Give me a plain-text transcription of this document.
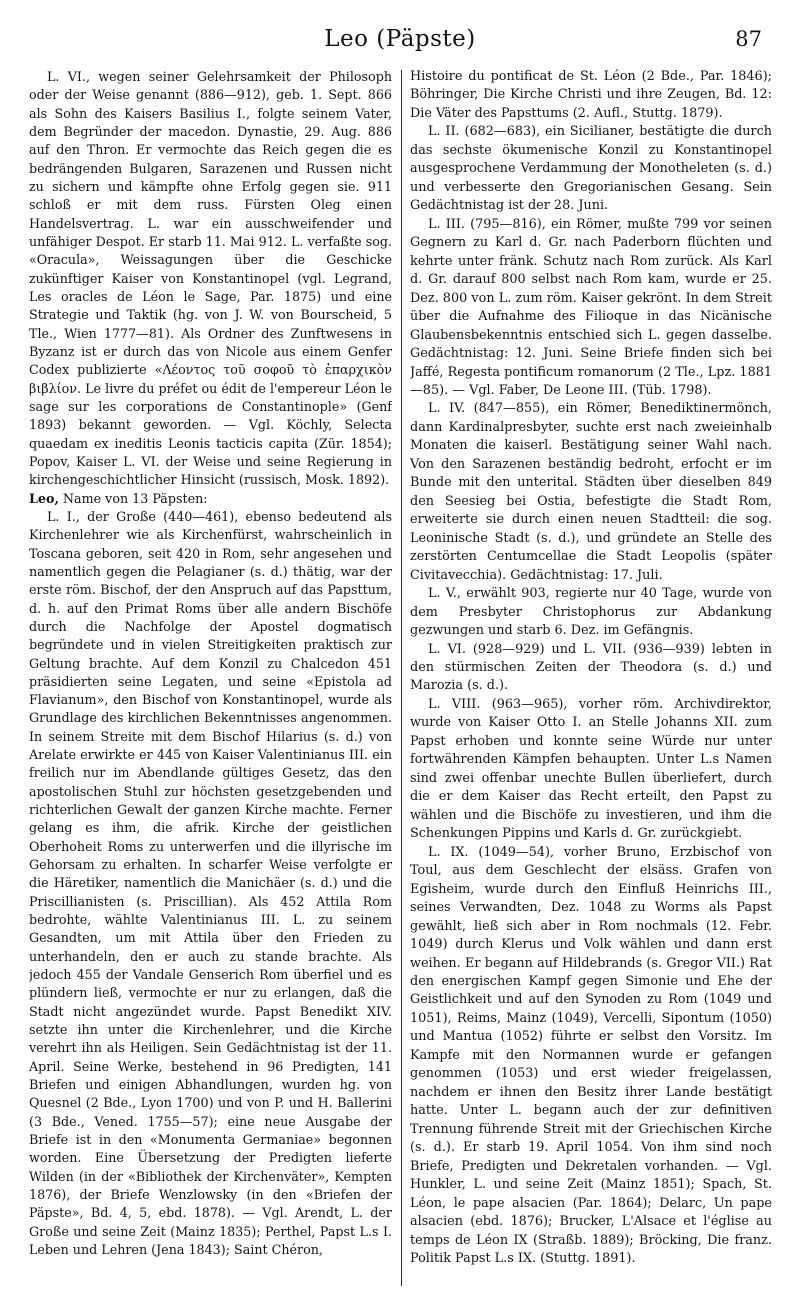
Leo (Päpste)	87

L. VI., wegen seiner Gelehrsamkeit der Philosoph oder der Weise genannt (886—912), geb. 1. Sept. 866 als Sohn des Kaisers Basilius I., folgte seinem Vater, dem Begründer der macedon. Dynastie, 29. Aug. 886 auf den Thron. Er vermochte das Reich gegen die es bedrängenden Bulgaren, Sarazenen und Russen nicht zu sichern und kämpfte ohne Erfolg gegen sie. 911 schloß er mit dem russ. Fürsten Oleg einen Handelsvertrag. L. war ein ausschweifender und unfähiger Despot. Er starb 11. Mai 912. L. verfaßte sog. «Oracula», Weissagungen über die Geschicke zukünftiger Kaiser von Konstantinopel (vgl. Legrand, Les oracles de Léon le Sage, Par. 1875) und eine Strategie und Taktik (hg. von J. W. von Bourscheid, 5 Tle., Wien 1777—81). Als Ordner des Zunftwesens in Byzanz ist er durch das von Nicole aus einem Genfer Codex publizierte «Λέοντος τοῦ σοφοῦ τὸ ἐπαρχικὸν βιβλίον. Le livre du préfet ou édit de l'empereur Léon le sage sur les corporations de Constantinople» (Genf 1893) bekannt geworden. — Vgl. Köchly, Selecta quaedam ex ineditis Leonis tacticis capita (Zür. 1854); Popov, Kaiser L. VI. der Weise und seine Regierung in kirchengeschichtlicher Hinsicht (russisch, Mosk. 1892).

Leo, Name von 13 Päpsten:

L. I., der Große (440—461), ebenso bedeutend als Kirchenlehrer wie als Kirchenfürst, wahrscheinlich in Toscana geboren, seit 420 in Rom, sehr angesehen und namentlich gegen die Pelagianer (s. d.) thätig, war der erste röm. Bischof, der den Anspruch auf das Papsttum, d. h. auf den Primat Roms über alle andern Bischöfe durch die Nachfolge der Apostel dogmatisch begründete und in vielen Streitigkeiten praktisch zur Geltung brachte. Auf dem Konzil zu Chalcedon 451 präsidierten seine Legaten, und seine «Epistola ad Flavianum», den Bischof von Konstantinopel, wurde als Grundlage des kirchlichen Bekenntnisses angenommen. In seinem Streite mit dem Bischof Hilarius (s. d.) von Arelate erwirkte er 445 von Kaiser Valentinianus III. ein freilich nur im Abendlande gültiges Gesetz, das den apostolischen Stuhl zur höchsten gesetzgebenden und richterlichen Gewalt der ganzen Kirche machte. Ferner gelang es ihm, die afrik. Kirche der geistlichen Oberhoheit Roms zu unterwerfen und die illyrische im Gehorsam zu erhalten. In scharfer Weise verfolgte er die Häretiker, namentlich die Manichäer (s. d.) und die Priscillianisten (s. Priscillian). Als 452 Attila Rom bedrohte, wählte Valentinianus III. L. zu seinem Gesandten, um mit Attila über den Frieden zu unterhandeln, den er auch zu stande brachte. Als jedoch 455 der Vandale Genserich Rom überfiel und es plündern ließ, vermochte er nur zu erlangen, daß die Stadt nicht angezündet wurde. Papst Benedikt XIV. setzte ihn unter die Kirchenlehrer, und die Kirche verehrt ihn als Heiligen. Sein Gedächtnistag ist der 11. April. Seine Werke, bestehend in 96 Predigten, 141 Briefen und einigen Abhandlungen, wurden hg. von Quesnel (2 Bde., Lyon 1700) und von P. und H. Ballerini (3 Bde., Vened. 1755—57); eine neue Ausgabe der Briefe ist in den «Monumenta Germaniae» begonnen worden. Eine Übersetzung der Predigten lieferte Wilden (in der «Bibliothek der Kirchenväter», Kempten 1876), der Briefe Wenzlowsky (in den «Briefen der Päpste», Bd. 4, 5, ebd. 1878). — Vgl. Arendt, L. der Große und seine Zeit (Mainz 1835); Perthel, Papst L.s I. Leben und Lehren (Jena 1843); Saint Chéron,

Histoire du pontificat de St. Léon (2 Bde., Par. 1846); Böhringer, Die Kirche Christi und ihre Zeugen, Bd. 12: Die Väter des Papsttums (2. Aufl., Stuttg. 1879).

L. II. (682—683), ein Sicilianer, bestätigte die durch das sechste ökumenische Konzil zu Konstantinopel ausgesprochene Verdammung der Monotheleten (s. d.) und verbesserte den Gregorianischen Gesang. Sein Gedächtnistag ist der 28. Juni.

L. III. (795—816), ein Römer, mußte 799 vor seinen Gegnern zu Karl d. Gr. nach Paderborn flüchten und kehrte unter fränk. Schutz nach Rom zurück. Als Karl d. Gr. darauf 800 selbst nach Rom kam, wurde er 25. Dez. 800 von L. zum röm. Kaiser gekrönt. In dem Streit über die Aufnahme des Filioque in das Nicänische Glaubensbekenntnis entschied sich L. gegen dasselbe. Gedächtnistag: 12. Juni. Seine Briefe finden sich bei Jaffé, Regesta pontificum romanorum (2 Tle., Lpz. 1881—85). — Vgl. Faber, De Leone III. (Tüb. 1798).

L. IV. (847—855), ein Römer, Benediktinermönch, dann Kardinalpresbyter, suchte erst nach zweieinhalb Monaten die kaiserl. Bestätigung seiner Wahl nach. Von den Sarazenen beständig bedroht, erfocht er im Bunde mit den unterital. Städten über dieselben 849 den Seesieg bei Ostia, befestigte die Stadt Rom, erweiterte sie durch einen neuen Stadtteil: die sog. Leoninische Stadt (s. d.), und gründete an Stelle des zerstörten Centumcellae die Stadt Leopolis (später Civitavecchia). Gedächtnistag: 17. Juli.

L. V., erwählt 903, regierte nur 40 Tage, wurde von dem Presbyter Christophorus zur Abdankung gezwungen und starb 6. Dez. im Gefängnis.

L. VI. (928—929) und L. VII. (936—939) lebten in den stürmischen Zeiten der Theodora (s. d.) und Marozia (s. d.).

L. VIII. (963—965), vorher röm. Archivdirektor, wurde von Kaiser Otto I. an Stelle Johanns XII. zum Papst erhoben und konnte seine Würde nur unter fortwährenden Kämpfen behaupten. Unter L.s Namen sind zwei offenbar unechte Bullen überliefert, durch die er dem Kaiser das Recht erteilt, den Papst zu wählen und die Bischöfe zu investieren, und ihm die Schenkungen Pippins und Karls d. Gr. zurückgiebt.

L. IX. (1049—54), vorher Bruno, Erzbischof von Toul, aus dem Geschlecht der elsäss. Grafen von Egisheim, wurde durch den Einfluß Heinrichs III., seines Verwandten, Dez. 1048 zu Worms als Papst gewählt, ließ sich aber in Rom nochmals (12. Febr. 1049) durch Klerus und Volk wählen und dann erst weihen. Er begann auf Hildebrands (s. Gregor VII.) Rat den energischen Kampf gegen Simonie und Ehe der Geistlichkeit und auf den Synoden zu Rom (1049 und 1051), Reims, Mainz (1049), Vercelli, Sipontum (1050) und Mantua (1052) führte er selbst den Vorsitz. Im Kampfe mit den Normannen wurde er gefangen genommen (1053) und erst wieder freigelassen, nachdem er ihnen den Besitz ihrer Lande bestätigt hatte. Unter L. begann auch der zur definitiven Trennung führende Streit mit der Griechischen Kirche (s. d.). Er starb 19. April 1054. Von ihm sind noch Briefe, Predigten und Dekretalen vorhanden. — Vgl. Hunkler, L. und seine Zeit (Mainz 1851); Spach, St. Léon, le pape alsacien (Par. 1864); Delarc, Un pape alsacien (ebd. 1876); Brucker, L'Alsace et l'église au temps de Léon IX (Straßb. 1889); Bröcking, Die franz. Politik Papst L.s IX. (Stuttg. 1891).
